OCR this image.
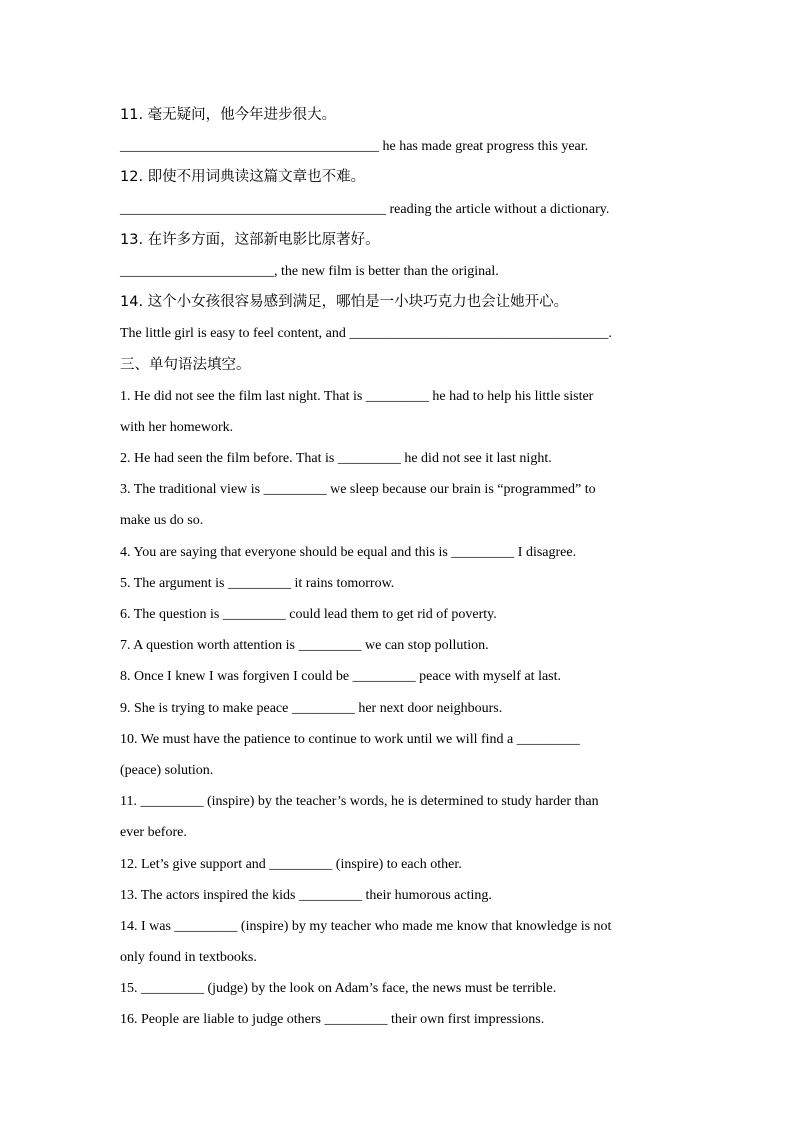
11. 毫无疑问，他今年进步很大。
_____________________________________ he has made great progress this year.
12. 即使不用词典读这篇文章也不难。
______________________________________ reading the article without a dictionary.
13. 在许多方面，这部新电影比原著好。
______________________, the new film is better than the original.
14. 这个小女孩很容易感到满足，哪怕是一小块巧克力也会让她开心。
The little girl is easy to feel content, and _____________________________________.
三、单句语法填空。
1. He did not see the film last night. That is _________ he had to help his little sister
with her homework.
2. He had seen the film before. That is _________ he did not see it last night.
3. The traditional view is _________ we sleep because our brain is “programmed” to
make us do so.
4. You are saying that everyone should be equal and this is _________ I disagree.
5. The argument is _________ it rains tomorrow.
6. The question is _________ could lead them to get rid of poverty.
7. A question worth attention is _________ we can stop pollution.
8. Once I knew I was forgiven I could be _________ peace with myself at last.
9. She is trying to make peace _________ her next door neighbours.
10. We must have the patience to continue to work until we will find a _________
(peace) solution.
11. _________ (inspire) by the teacher’s words, he is determined to study harder than
ever before.
12. Let’s give support and _________ (inspire) to each other.
13. The actors inspired the kids _________ their humorous acting.
14. I was _________ (inspire) by my teacher who made me know that knowledge is not
only found in textbooks.
15. _________ (judge) by the look on Adam’s face, the news must be terrible.
16. People are liable to judge others _________ their own first impressions.
